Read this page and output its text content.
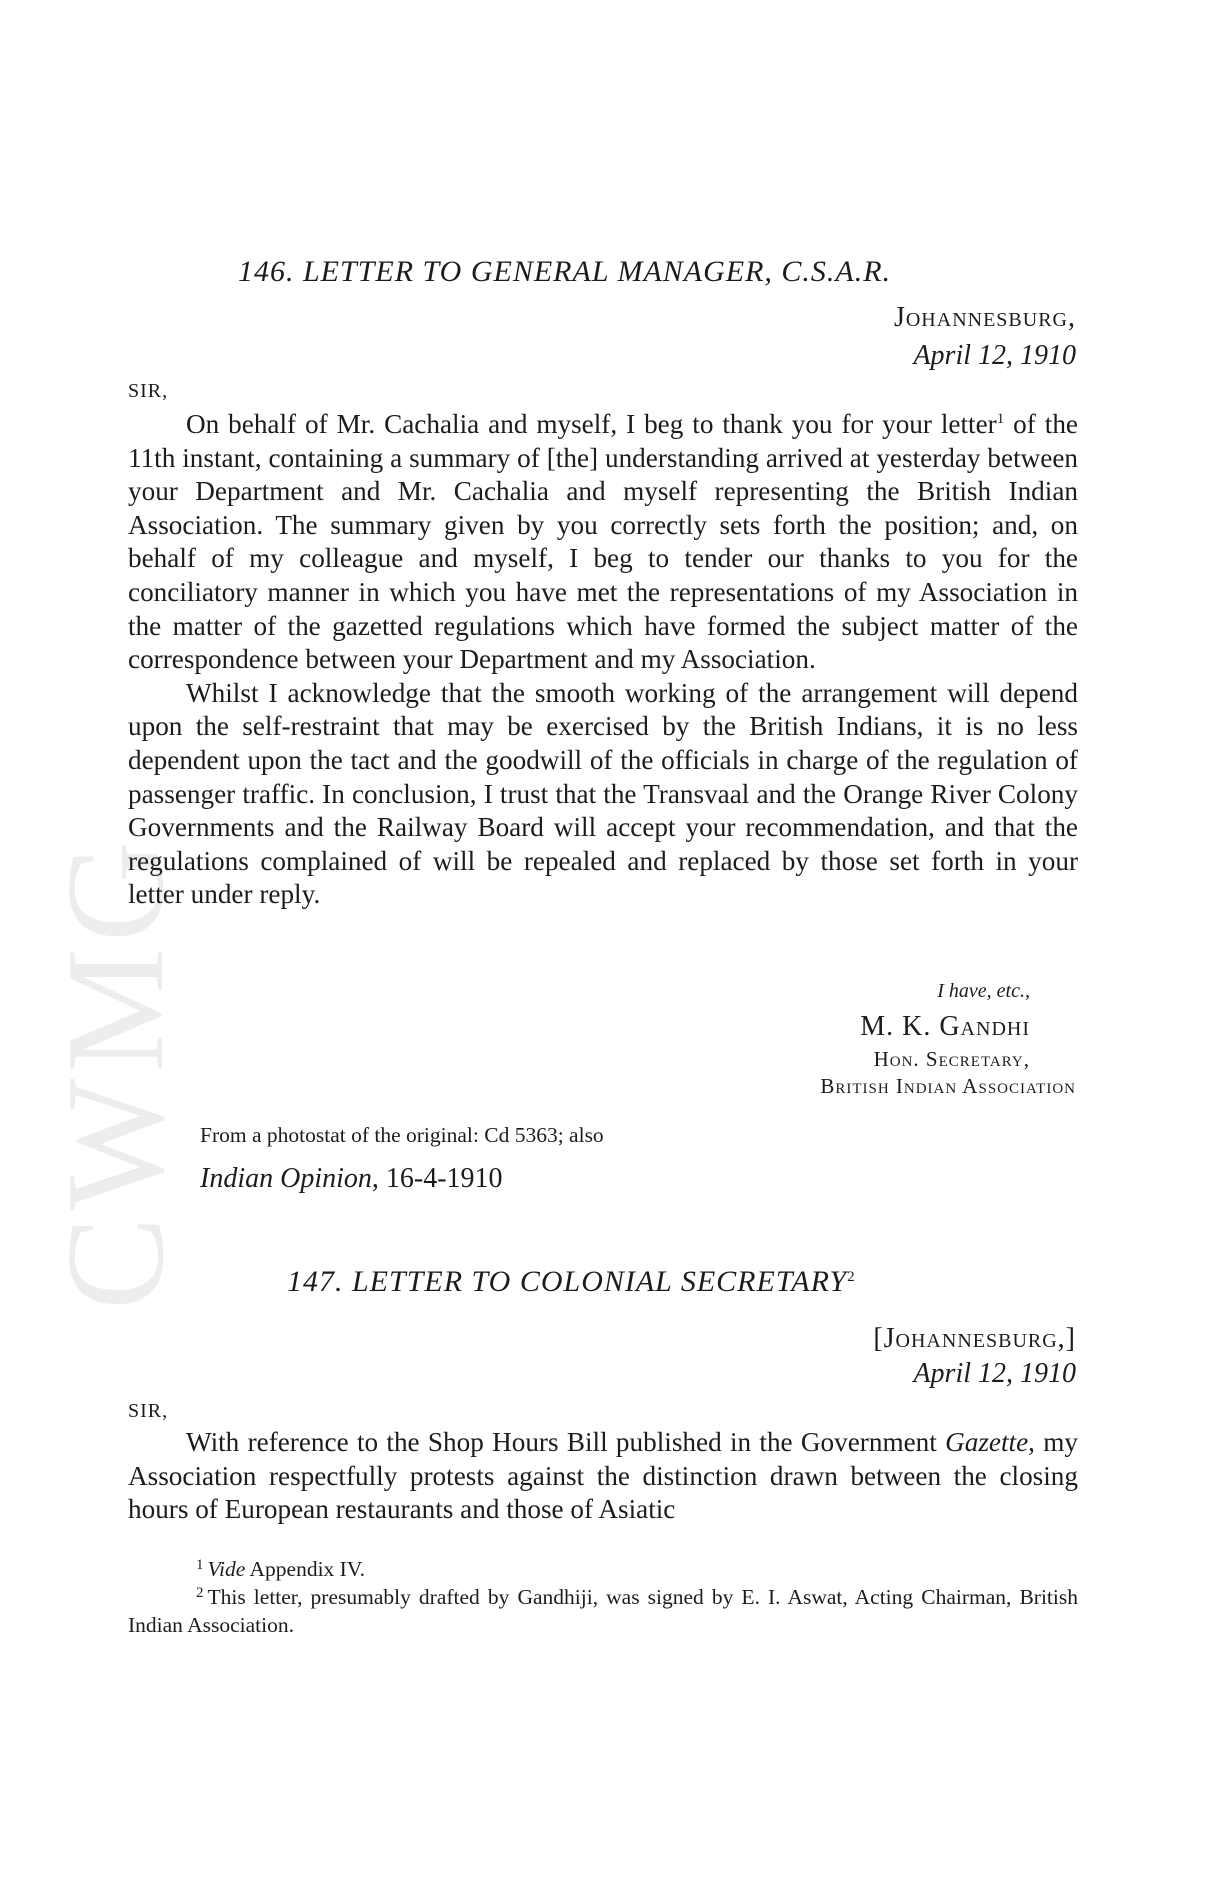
CWMG
146. LETTER TO GENERAL MANAGER, C.S.A.R.
Johannesburg,
April 12, 1910
SIR,

On behalf of Mr. Cachalia and myself, I beg to thank you for your letter$^1$ of the 11th instant, containing a summary of [the] understanding arrived at yesterday between your Department and Mr. Cachalia and myself representing the British Indian Association. The summary given by you correctly sets forth the position; and, on behalf of my colleague and myself, I beg to tender our thanks to you for the conciliatory manner in which you have met the representations of my Association in the matter of the gazetted regulations which have formed the subject matter of the correspondence between your Department and my Association.

Whilst I acknowledge that the smooth working of the arrangement will depend upon the self-restraint that may be exercised by the British Indians, it is no less dependent upon the tact and the goodwill of the officials in charge of the regulation of passenger traffic. In conclusion, I trust that the Transvaal and the Orange River Colony Governments and the Railway Board will accept your recommendation, and that the regulations complained of will be repealed and replaced by those set forth in your letter under reply.

I have, etc.,
M. K. Gandhi
Hon. Secretary,
British Indian Association
From a photostat of the original: Cd 5363; also
Indian Opinion, 16-4-1910
147. LETTER TO COLONIAL SECRETARY$^2$
[Johannesburg,]
April 12, 1910
SIR,

With reference to the Shop Hours Bill published in the Government Gazette, my Association respectfully protests against the distinction drawn between the closing hours of European restaurants and those of Asiatic

$^1$ Vide Appendix IV.

$^2$ This letter, presumably drafted by Gandhiji, was signed by E. I. Aswat, Acting Chairman, British Indian Association.
